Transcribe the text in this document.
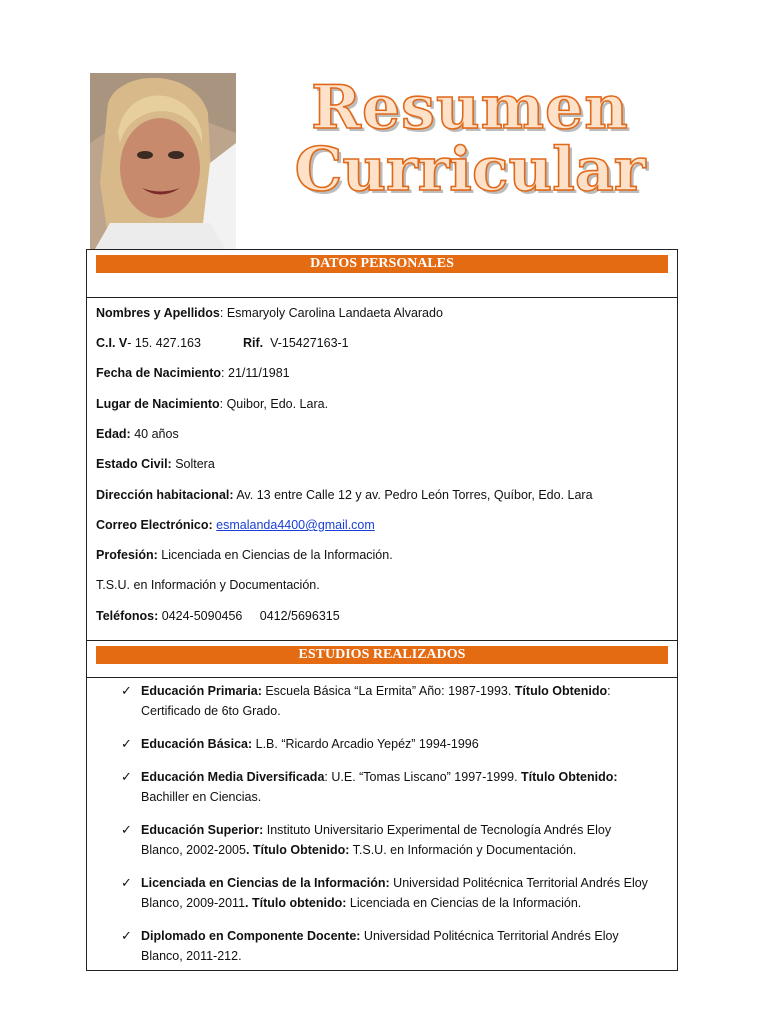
Resumen
Curricular
DATOS PERSONALES
Nombres y Apellidos: Esmaryoly Carolina Landaeta Alvarado
C.I. V- 15. 427.163	Rif. V-15427163-1
Fecha de Nacimiento: 21/11/1981
Lugar de Nacimiento: Quibor, Edo. Lara.
Edad: 40 años
Estado Civil: Soltera
Dirección habitacional: Av. 13 entre Calle 12 y av. Pedro León Torres, Quíbor, Edo. Lara
Correo Electrónico: esmalanda4400@gmail.com
Profesión: Licenciada en Ciencias de la Información.
T.S.U. en Información y Documentación.
Teléfonos: 0424-5090456     0412/5696315
ESTUDIOS REALIZADOS
✓ Educación Primaria: Escuela Básica “La Ermita” Año: 1987-1993. Título Obtenido: Certificado de 6to Grado.
✓ Educación Básica: L.B. “Ricardo Arcadio Yepéz” 1994-1996
✓ Educación Media Diversificada: U.E. “Tomas Liscano” 1997-1999. Título Obtenido: Bachiller en Ciencias.
✓ Educación Superior: Instituto Universitario Experimental de Tecnología Andrés Eloy Blanco, 2002-2005. Título Obtenido: T.S.U. en Información y Documentación.
✓ Licenciada en Ciencias de la Información: Universidad Politécnica Territorial Andrés Eloy Blanco, 2009-2011. Título obtenido: Licenciada en Ciencias de la Información.
✓ Diplomado en Componente Docente: Universidad Politécnica Territorial Andrés Eloy Blanco, 2011-212.
